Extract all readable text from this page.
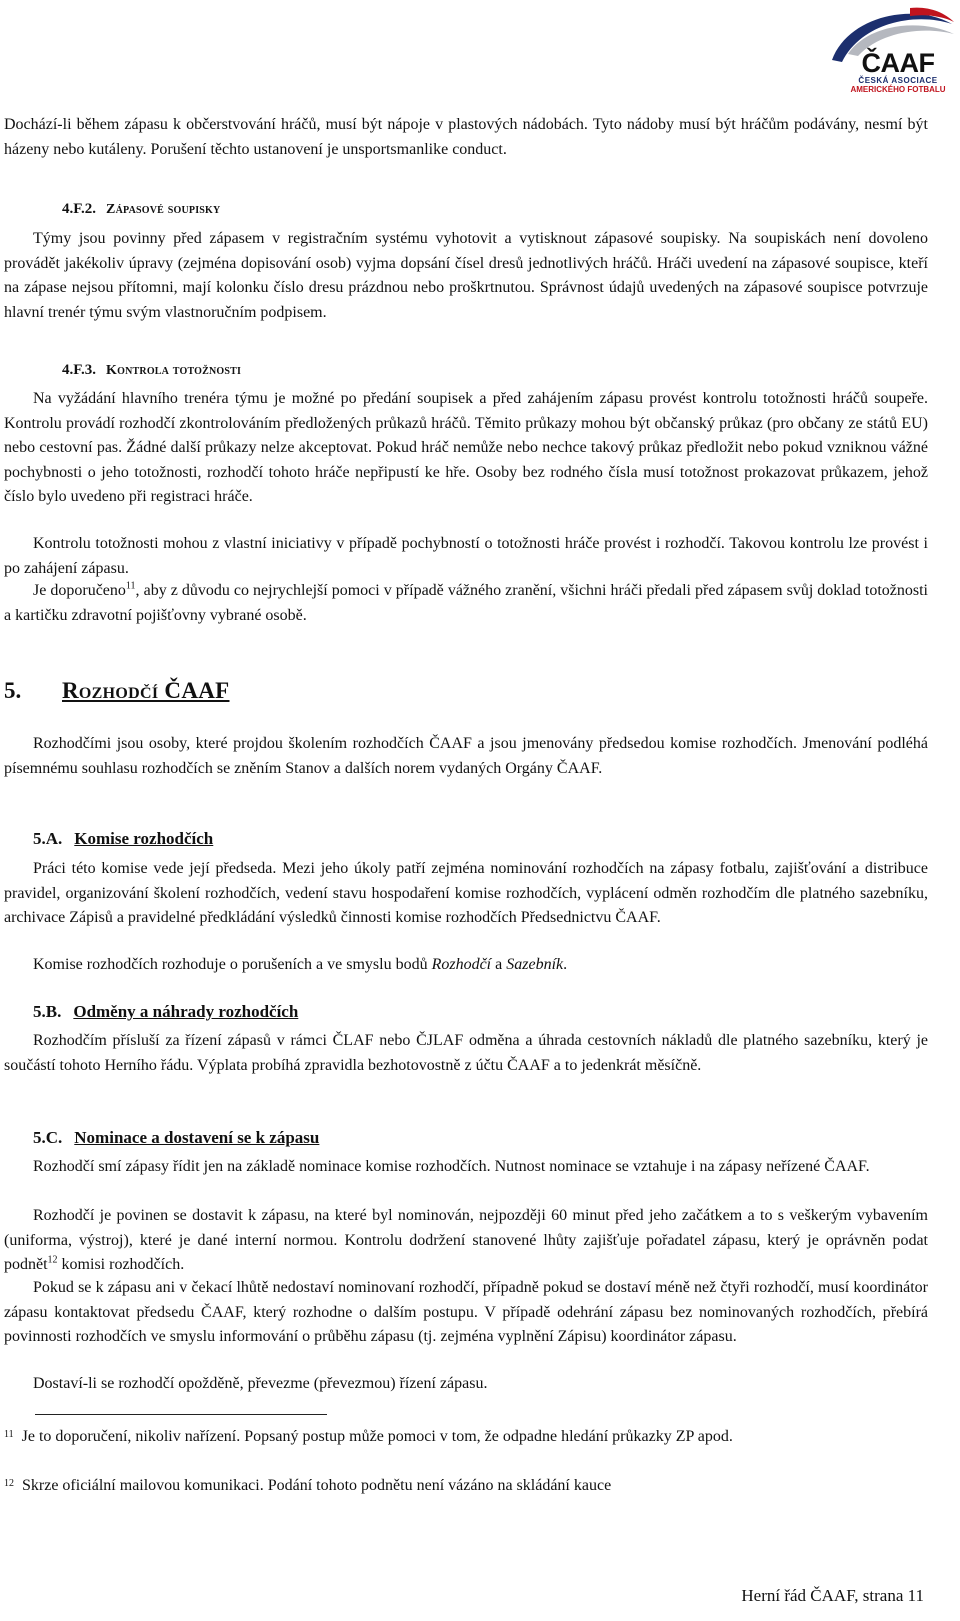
ČAAF
ČESKÁ ASOCIACE
AMERICKÉHO FOTBALU
Dochází-li během zápasu k občerstvování hráčů, musí být nápoje v plastových nádobách. Tyto nádoby musí být hráčům podávány, nesmí být házeny nebo kutáleny. Porušení těchto ustanovení je unsportsmanlike conduct.
4.F.2. Zápasové soupisky
Týmy jsou povinny před zápasem v registračním systému vyhotovit a vytisknout zápasové soupisky. Na soupiskách není dovoleno provádět jakékoliv úpravy (zejména dopisování osob) vyjma dopsání čísel dresů jednotlivých hráčů. Hráči uvedení na zápasové soupisce, kteří na zápase nejsou přítomni, mají kolonku číslo dresu prázdnou nebo proškrtnutou. Správnost údajů uvedených na zápasové soupisce potvrzuje hlavní trenér týmu svým vlastnoručním podpisem.
4.F.3. Kontrola totožnosti
Na vyžádání hlavního trenéra týmu je možné po předání soupisek a před zahájením zápasu provést kontrolu totožnosti hráčů soupeře. Kontrolu provádí rozhodčí zkontrolováním předložených průkazů hráčů. Těmito průkazy mohou být občanský průkaz (pro občany ze států EU) nebo cestovní pas. Žádné další průkazy nelze akceptovat. Pokud hráč nemůže nebo nechce takový průkaz předložit nebo pokud vzniknou vážné pochybnosti o jeho totožnosti, rozhodčí tohoto hráče nepřipustí ke hře. Osoby bez rodného čísla musí totožnost prokazovat průkazem, jehož číslo bylo uvedeno při registraci hráče.
Kontrolu totožnosti mohou z vlastní iniciativy v případě pochybností o totožnosti hráče provést i rozhodčí. Takovou kontrolu lze provést i po zahájení zápasu.
Je doporučeno$^{11}$, aby z důvodu co nejrychlejší pomoci v případě vážného zranění, všichni hráči předali před zápasem svůj doklad totožnosti a kartičku zdravotní pojišťovny vybrané osobě.
5. Rozhodčí ČAAF
Rozhodčími jsou osoby, které projdou školením rozhodčích ČAAF a jsou jmenovány předsedou komise rozhodčích. Jmenování podléhá písemnému souhlasu rozhodčích se zněním Stanov a dalších norem vydaných Orgány ČAAF.
5.A. Komise rozhodčích
Práci této komise vede její předseda. Mezi jeho úkoly patří zejména nominování rozhodčích na zápasy fotbalu, zajišťování a distribuce pravidel, organizování školení rozhodčích, vedení stavu hospodaření komise rozhodčích, vyplácení odměn rozhodčím dle platného sazebníku, archivace Zápisů a pravidelné předkládání výsledků činnosti komise rozhodčích Předsednictvu ČAAF.
Komise rozhodčích rozhoduje o porušeních a ve smyslu bodů Rozhodčí a Sazebník.
5.B. Odměny a náhrady rozhodčích
Rozhodčím přísluší za řízení zápasů v rámci ČLAF nebo ČJLAF odměna a úhrada cestovních nákladů dle platného sazebníku, který je součástí tohoto Herního řádu. Výplata probíhá zpravidla bezhotovostně z účtu ČAAF a to jedenkrát měsíčně.
5.C. Nominace a dostavení se k zápasu
Rozhodčí smí zápasy řídit jen na základě nominace komise rozhodčích. Nutnost nominace se vztahuje i na zápasy neřízené ČAAF.
Rozhodčí je povinen se dostavit k zápasu, na které byl nominován, nejpozději 60 minut před jeho začátkem a to s veškerým vybavením (uniforma, výstroj), které je dané interní normou. Kontrolu dodržení stanovené lhůty zajišťuje pořadatel zápasu, který je oprávněn podat podnět$^{12}$ komisi rozhodčích.
Pokud se k zápasu ani v čekací lhůtě nedostaví nominovaní rozhodčí, případně pokud se dostaví méně než čtyři rozhodčí, musí koordinátor zápasu kontaktovat předsedu ČAAF, který rozhodne o dalším postupu. V případě odehrání zápasu bez nominovaných rozhodčích, přebírá povinnosti rozhodčích ve smyslu informování o průběhu zápasu (tj. zejména vyplnění Zápisu) koordinátor zápasu.
Dostaví-li se rozhodčí opožděně, převezme (převezmou) řízení zápasu.
$^{11}$ Je to doporučení, nikoliv nařízení. Popsaný postup může pomoci v tom, že odpadne hledání průkazky ZP apod.
$^{12}$ Skrze oficiální mailovou komunikaci. Podání tohoto podnětu není vázáno na skládání kauce
Herní řád ČAAF, strana 11
